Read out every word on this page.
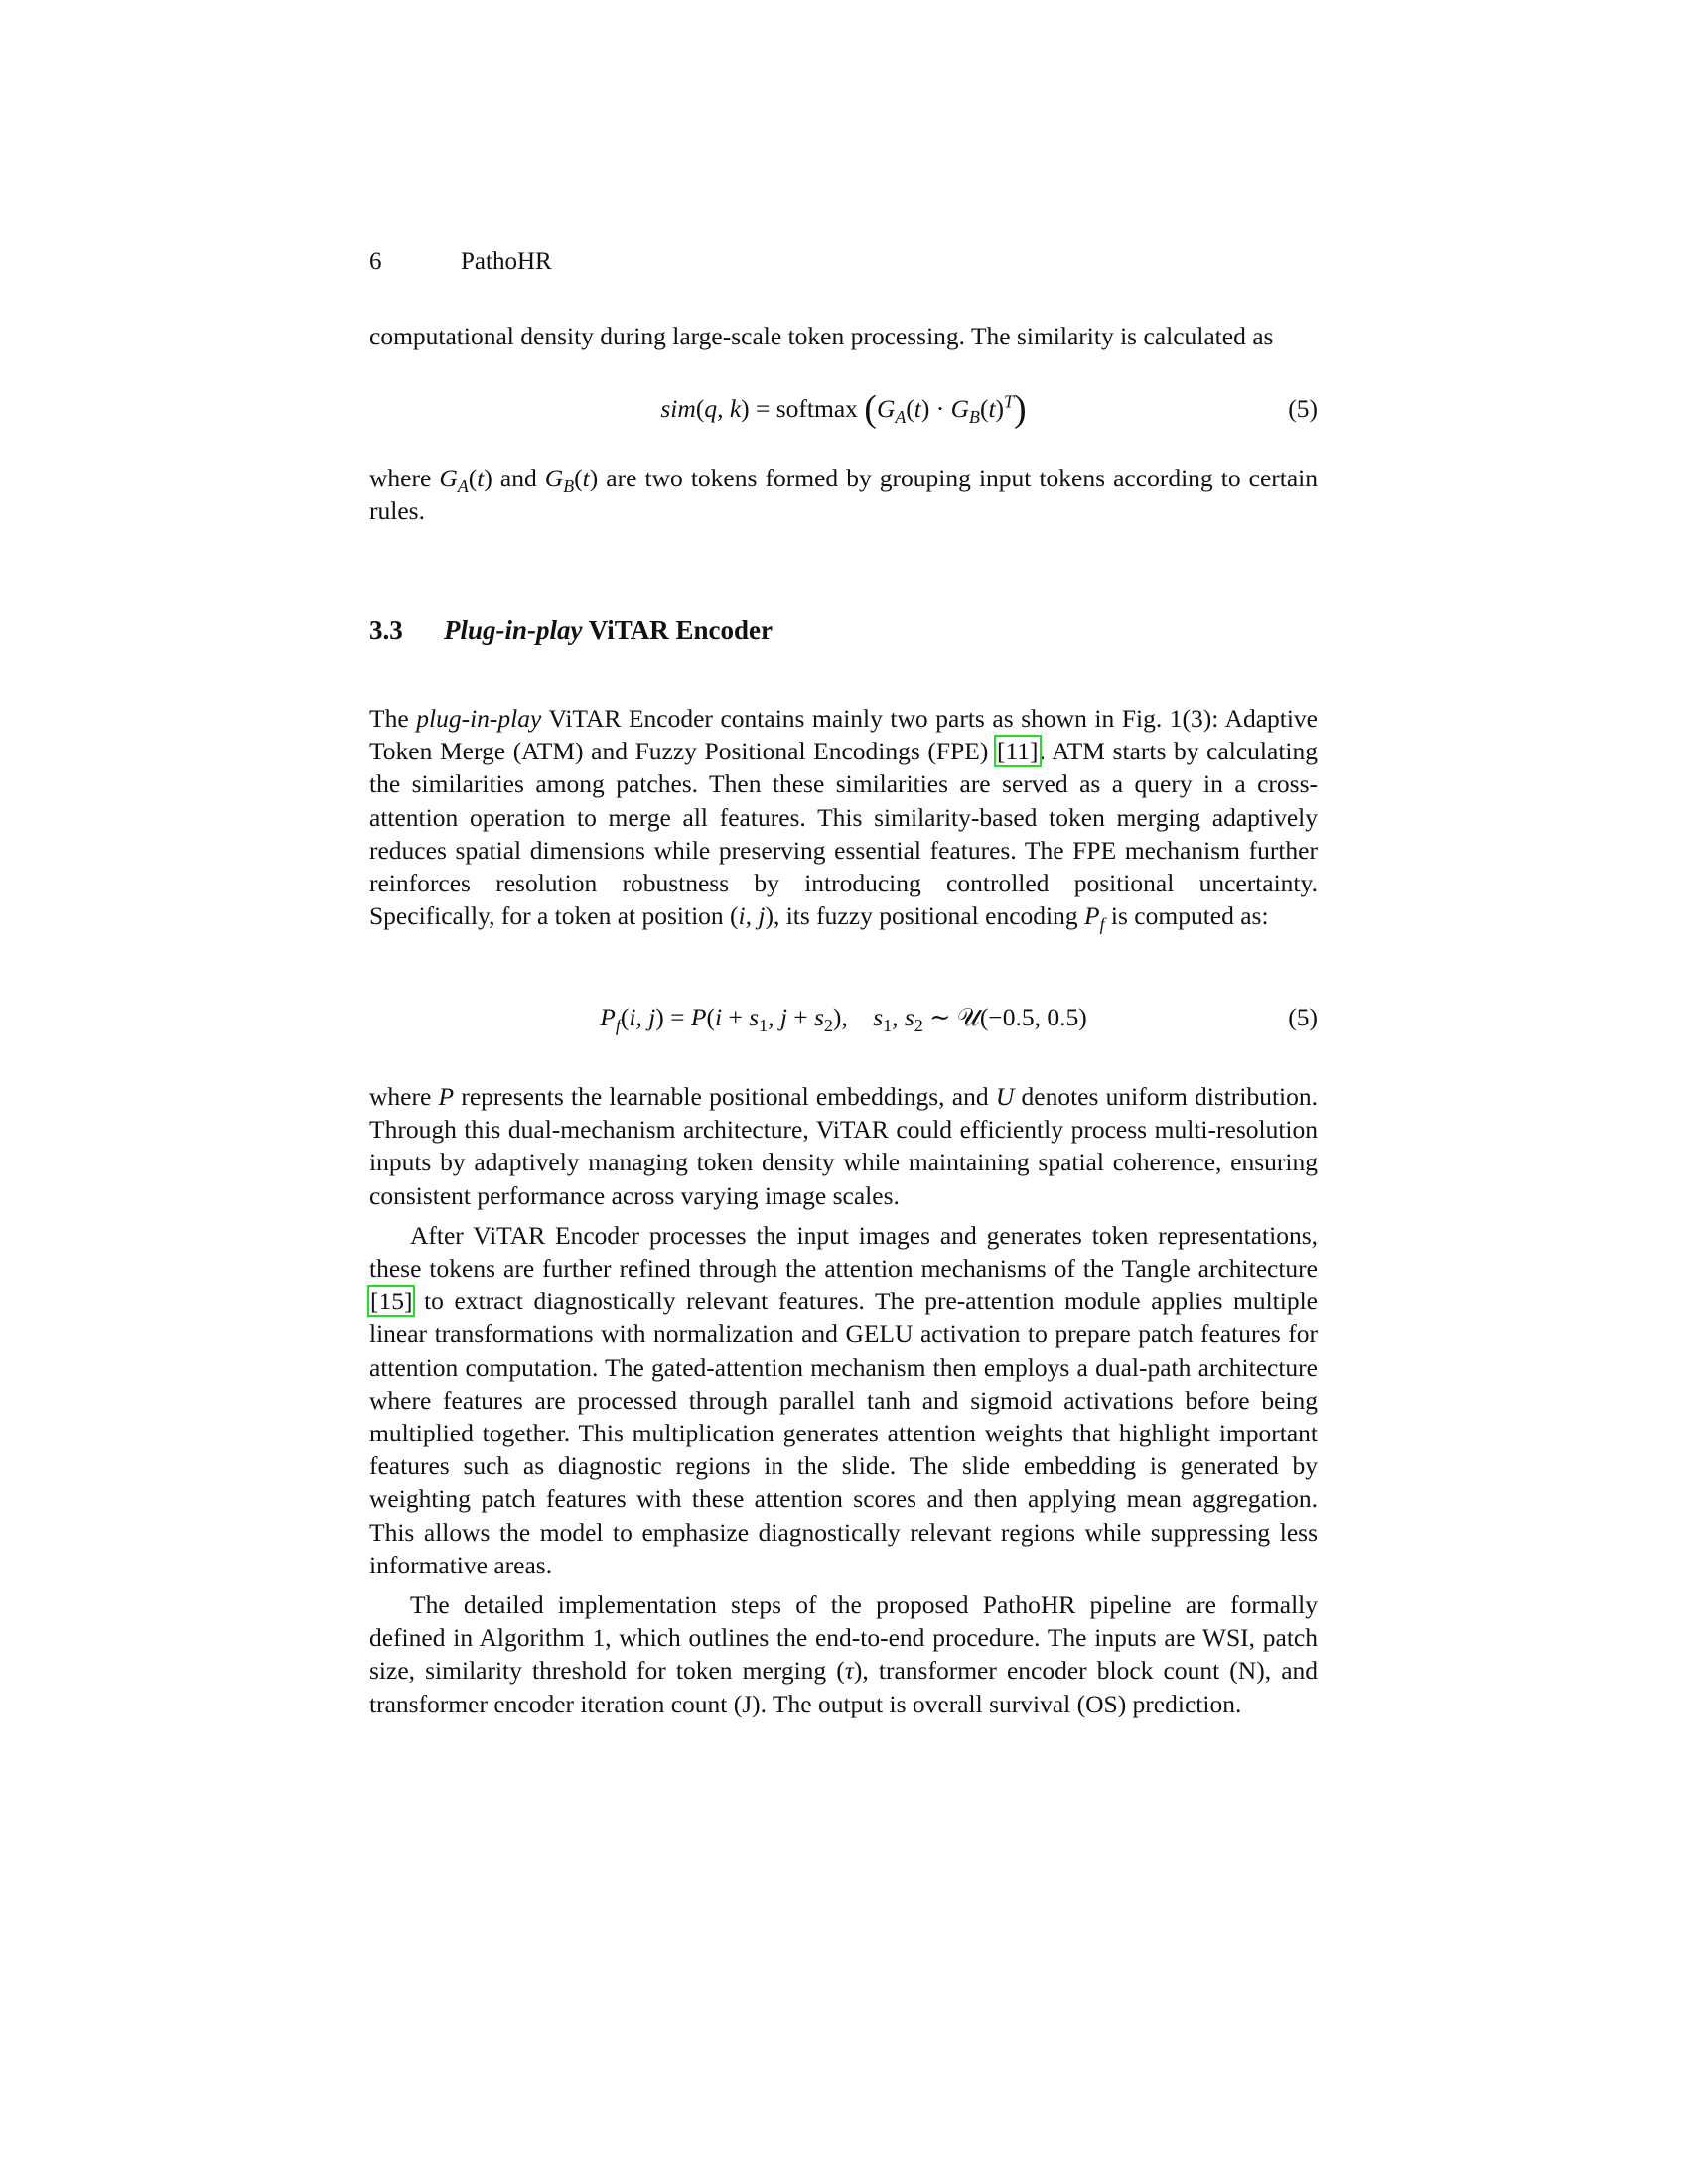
6	PathoHR

computational density during large-scale token processing. The similarity is calculated as

sim(q, k) = softmax $(G_A(t) \cdot G_B(t)^T)$	(5)

where $G_A(t)$ and $G_B(t)$ are two tokens formed by grouping input tokens according to certain rules.

3.3 Plug-in-play ViTAR Encoder

The plug-in-play ViTAR Encoder contains mainly two parts as shown in Fig. 1(3): Adaptive Token Merge (ATM) and Fuzzy Positional Encodings (FPE) [11]. ATM starts by calculating the similarities among patches. Then these similarities are served as a query in a cross-attention operation to merge all features. This similarity-based token merging adaptively reduces spatial dimensions while preserving essential features. The FPE mechanism further reinforces resolution robustness by introducing controlled positional uncertainty. Specifically, for a token at position (i, j), its fuzzy positional encoding $P_f$ is computed as:

$P_f(i$, $j) = P(i + s_1$, $j + s_2$),    $s_1$, $s_2$ ∼ 𝒰(−0.5, 0.5)	(5)

where P represents the learnable positional embeddings, and U denotes uniform distribution. Through this dual-mechanism architecture, ViTAR could efficiently process multi-resolution inputs by adaptively managing token density while maintaining spatial coherence, ensuring consistent performance across varying image scales.

After ViTAR Encoder processes the input images and generates token representations, these tokens are further refined through the attention mechanisms of the Tangle architecture [15] to extract diagnostically relevant features. The pre-attention module applies multiple linear transformations with normalization and GELU activation to prepare patch features for attention computation. The gated-attention mechanism then employs a dual-path architecture where features are processed through parallel tanh and sigmoid activations before being multiplied together. This multiplication generates attention weights that highlight important features such as diagnostic regions in the slide. The slide embedding is generated by weighting patch features with these attention scores and then applying mean aggregation. This allows the model to emphasize diagnostically relevant regions while suppressing less informative areas.

The detailed implementation steps of the proposed PathoHR pipeline are formally defined in Algorithm 1, which outlines the end-to-end procedure. The inputs are WSI, patch size, similarity threshold for token merging (τ), transformer encoder block count (N), and transformer encoder iteration count (J). The output is overall survival (OS) prediction.
